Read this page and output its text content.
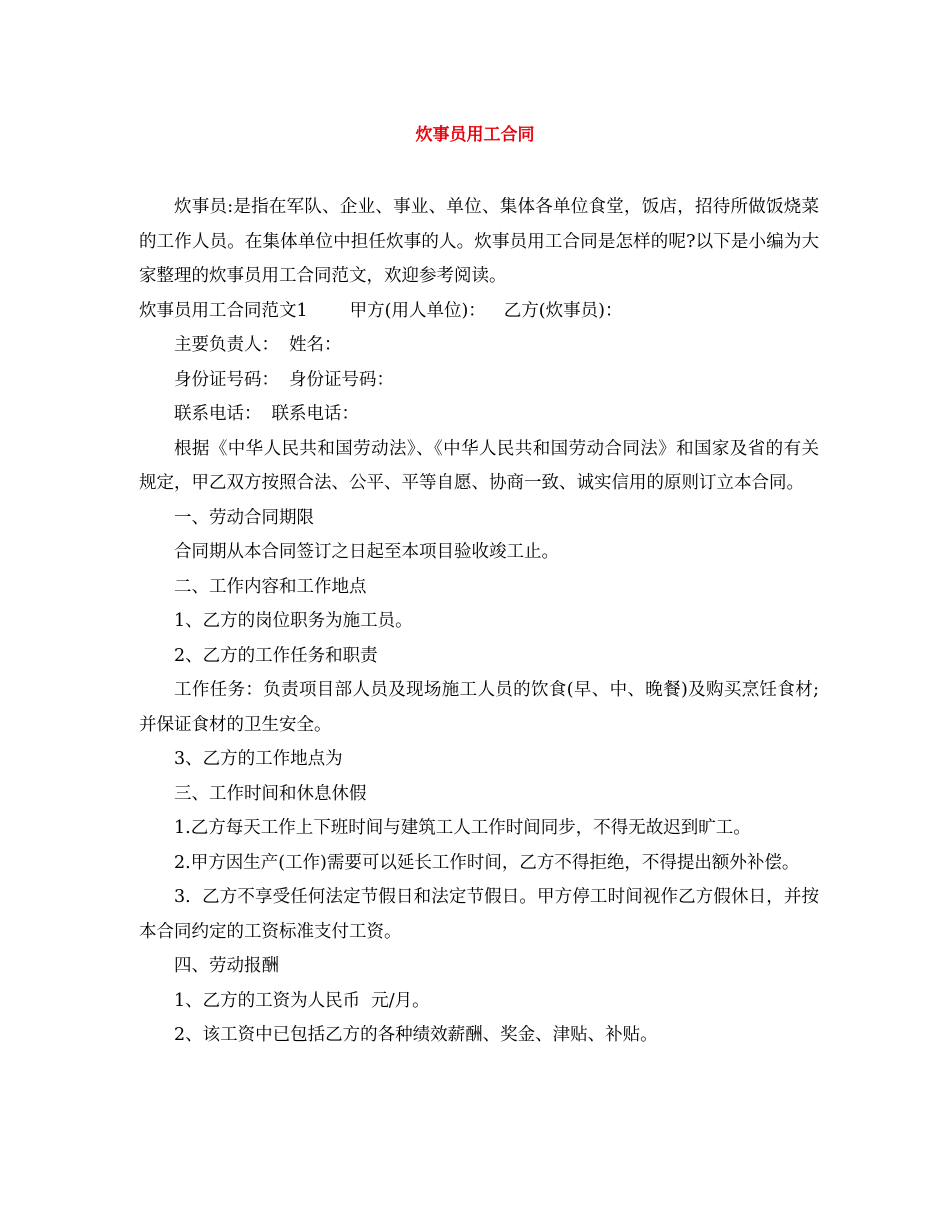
炊事员用工合同

炊事员:是指在军队、企业、事业、单位、集体各单位食堂，饭店，招待所做饭烧菜的工作人员。在集体单位中担任炊事的人。炊事员用工合同是怎样的呢?以下是小编为大家整理的炊事员用工合同范文，欢迎参考阅读。

炊事员用工合同范文1 甲方(用人单位)： 乙方(炊事员)：

主要负责人： 姓名：

身份证号码： 身份证号码：

联系电话： 联系电话：

根据《中华人民共和国劳动法》、《中华人民共和国劳动合同法》和国家及省的有关规定，甲乙双方按照合法、公平、平等自愿、协商一致、诚实信用的原则订立本合同。

一、劳动合同期限

合同期从本合同签订之日起至本项目验收竣工止。

二、工作内容和工作地点

1、乙方的岗位职务为施工员。

2、乙方的工作任务和职责

工作任务：负责项目部人员及现场施工人员的饮食(早、中、晚餐)及购买烹饪食材;并保证食材的卫生安全。

3、乙方的工作地点为

三、工作时间和休息休假

1.乙方每天工作上下班时间与建筑工人工作时间同步，不得无故迟到旷工。

2.甲方因生产(工作)需要可以延长工作时间，乙方不得拒绝，不得提出额外补偿。

3.  乙方不享受任何法定节假日和法定节假日。甲方停工时间视作乙方假休日，并按本合同约定的工资标准支付工资。

四、劳动报酬

1、乙方的工资为人民币  元/月。

2、该工资中已包括乙方的各种绩效薪酬、奖金、津贴、补贴。
